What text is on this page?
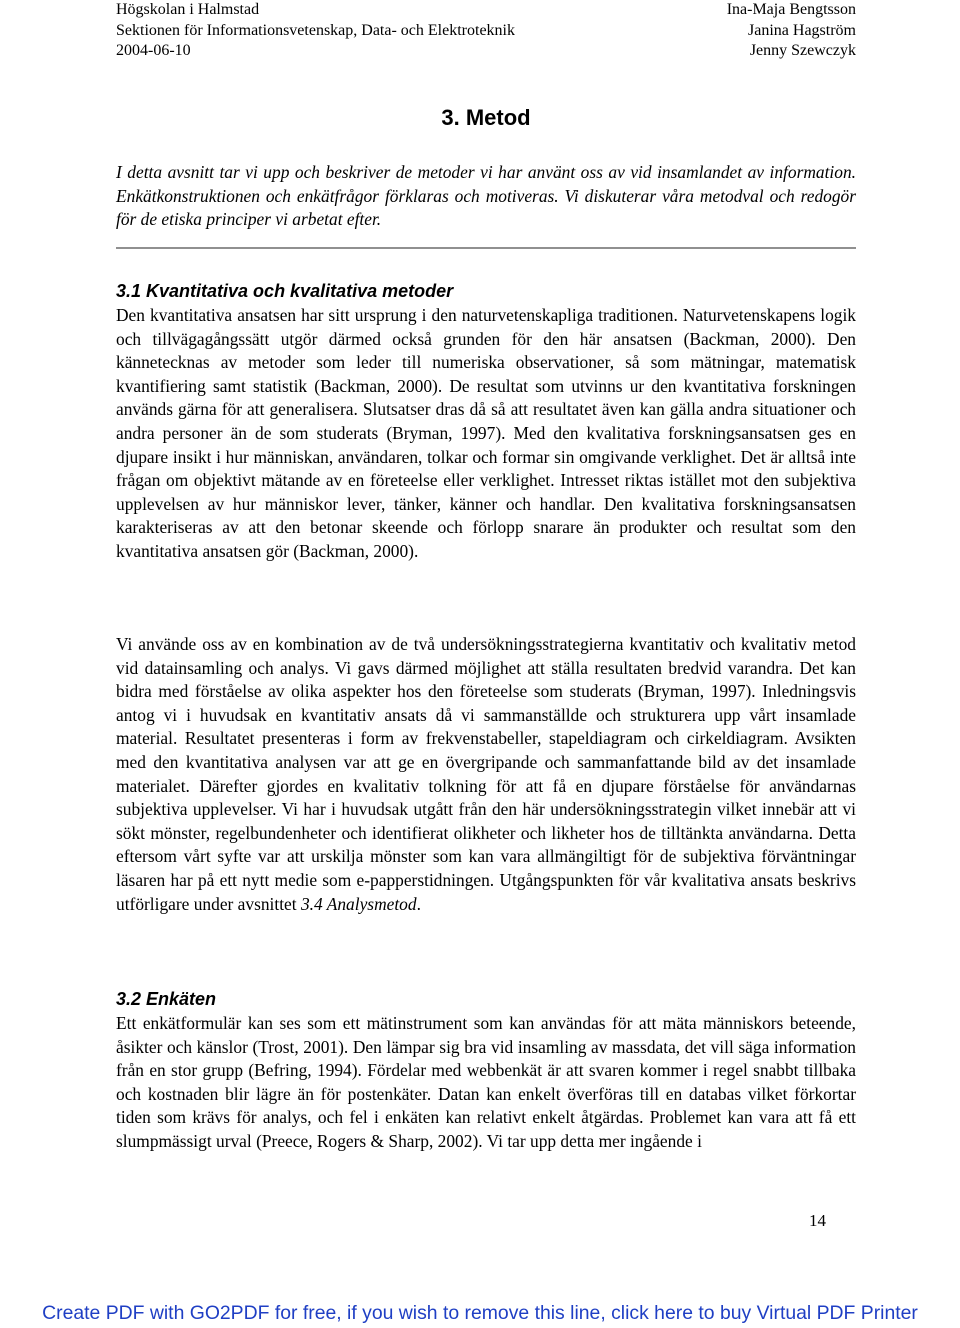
Högskolan i Halmstad
Sektionen för Informationsvetenskap, Data- och Elektroteknik
2004-06-10
Ina-Maja Bengtsson
Janina Hagström
Jenny Szewczyk
3. Metod
I detta avsnitt tar vi upp och beskriver de metoder vi har använt oss av vid insamlandet av information. Enkätkonstruktionen och enkätfrågor förklaras och motiveras. Vi diskuterar våra metodval och redogör för de etiska principer vi arbetat efter.
3.1 Kvantitativa och kvalitativa metoder
Den kvantitativa ansatsen har sitt ursprung i den naturvetenskapliga traditionen. Naturvetenskapens logik och tillvägagångssätt utgör därmed också grunden för den här ansatsen (Backman, 2000). Den kännetecknas av metoder som leder till numeriska observationer, så som mätningar, matematisk kvantifiering samt statistik (Backman, 2000). De resultat som utvinns ur den kvantitativa forskningen används gärna för att generalisera. Slutsatser dras då så att resultatet även kan gälla andra situationer och andra personer än de som studerats (Bryman, 1997). Med den kvalitativa forskningsansatsen ges en djupare insikt i hur människan, användaren, tolkar och formar sin omgivande verklighet. Det är alltså inte frågan om objektivt mätande av en företeelse eller verklighet. Intresset riktas istället mot den subjektiva upplevelsen av hur människor lever, tänker, känner och handlar. Den kvalitativa forskningsansatsen karakteriseras av att den betonar skeende och förlopp snarare än produkter och resultat som den kvantitativa ansatsen gör (Backman, 2000).
Vi använde oss av en kombination av de två undersökningsstrategierna kvantitativ och kvalitativ metod vid datainsamling och analys. Vi gavs därmed möjlighet att ställa resultaten bredvid varandra. Det kan bidra med förståelse av olika aspekter hos den företeelse som studerats (Bryman, 1997). Inledningsvis antog vi i huvudsak en kvantitativ ansats då vi sammanställde och strukturera upp vårt insamlade material. Resultatet presenteras i form av frekvenstabeller, stapeldiagram och cirkeldiagram. Avsikten med den kvantitativa analysen var att ge en övergripande och sammanfattande bild av det insamlade materialet. Därefter gjordes en kvalitativ tolkning för att få en djupare förståelse för användarnas subjektiva upplevelser. Vi har i huvudsak utgått från den här undersökningsstrategin vilket innebär att vi sökt mönster, regelbundenheter och identifierat olikheter och likheter hos de tilltänkta användarna. Detta eftersom vårt syfte var att urskilja mönster som kan vara allmängiltigt för de subjektiva förväntningar läsaren har på ett nytt medie som e-papperstidningen. Utgångspunkten för vår kvalitativa ansats beskrivs utförligare under avsnittet 3.4 Analysmetod.
3.2 Enkäten
Ett enkätformulär kan ses som ett mätinstrument som kan användas för att mäta människors beteende, åsikter och känslor (Trost, 2001). Den lämpar sig bra vid insamling av massdata, det vill säga information från en stor grupp (Befring, 1994). Fördelar med webbenkät är att svaren kommer i regel snabbt tillbaka och kostnaden blir lägre än för postenkäter. Datan kan enkelt överföras till en databas vilket förkortar tiden som krävs för analys, och fel i enkäten kan relativt enkelt åtgärdas. Problemet kan vara att få ett slumpmässigt urval (Preece, Rogers & Sharp, 2002). Vi tar upp detta mer ingående i
14
Create PDF with GO2PDF for free, if you wish to remove this line, click here to buy Virtual PDF Printer
